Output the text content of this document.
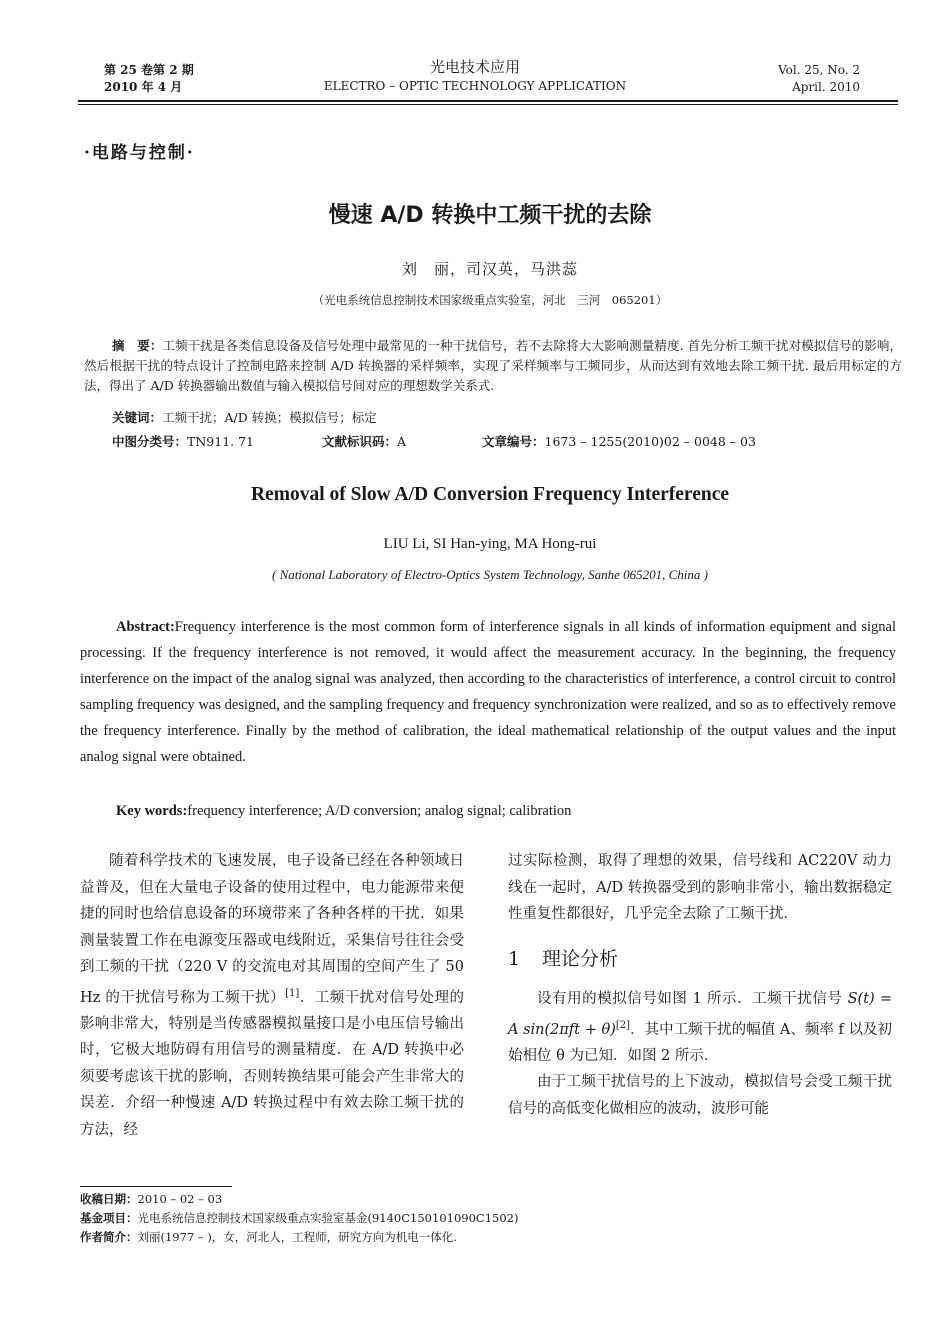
第 25 卷第 2 期
2010 年 4 月
光电技术应用
ELECTRO – OPTIC TECHNOLOGY APPLICATION
Vol. 25, No. 2
April. 2010
·电路与控制·
慢速 A/D 转换中工频干扰的去除
刘　丽，司汉英，马洪蕊
（光电系统信息控制技术国家级重点实验室，河北　三河　065201）
摘　要：工频干扰是各类信息设备及信号处理中最常见的一种干扰信号，若不去除将大大影响测量精度. 首先分析工频干扰对模拟信号的影响，然后根据干扰的特点设计了控制电路来控制 A/D 转换器的采样频率，实现了采样频率与工频同步，从而达到有效地去除工频干扰. 最后用标定的方法，得出了 A/D 转换器输出数值与输入模拟信号间对应的理想数学关系式.
关键词：工频干扰；A/D 转换；模拟信号；标定
中图分类号：TN911. 71	文献标识码：A	文章编号：1673 – 1255(2010)02 – 0048 – 03
Removal of Slow A/D Conversion Frequency Interference
LIU Li, SI Han-ying, MA Hong-rui
( National Laboratory of Electro-Optics System Technology, Sanhe 065201, China )
Abstract:Frequency interference is the most common form of interference signals in all kinds of information equipment and signal processing. If the frequency interference is not removed, it would affect the measurement accuracy. In the beginning, the frequency interference on the impact of the analog signal was analyzed, then according to the characteristics of interference, a control circuit to control sampling frequency was designed, and the sampling frequency and frequency synchronization were realized, and so as to effectively remove the frequency interference. Finally by the method of calibration, the ideal mathematical relationship of the output values and the input analog signal were obtained.
Key words:frequency interference; A/D conversion; analog signal; calibration

随着科学技术的飞速发展，电子设备已经在各种领域日益普及，但在大量电子设备的使用过程中，电力能源带来便捷的同时也给信息设备的环境带来了各种各样的干扰．如果测量装置工作在电源变压器或电线附近，采集信号往往会受到工频的干扰（220 V 的交流电对其周围的空间产生了 50 Hz 的干扰信号称为工频干扰）[1]．工频干扰对信号处理的影响非常大，特别是当传感器模拟量接口是小电压信号输出时，它极大地防碍有用信号的测量精度．在 A/D 转换中必须要考虑该干扰的影响，否则转换结果可能会产生非常大的误差．介绍一种慢速 A/D 转换过程中有效去除工频干扰的方法，经

过实际检测，取得了理想的效果，信号线和 AC220V 动力线在一起时，A/D 转换器受到的影响非常小，输出数据稳定性重复性都很好，几乎完全去除了工频干扰．

1 理论分析

设有用的模拟信号如图 1 所示．工频干扰信号 S(t) = A sin(2πft + θ)[2]．其中工频干扰的幅值 A、频率 f 以及初始相位 θ 为已知．如图 2 所示．

由于工频干扰信号的上下波动，模拟信号会受工频干扰信号的高低变化做相应的波动，波形可能

收稿日期：2010 – 02 – 03
基金项目：光电系统信息控制技术国家级重点实验室基金(9140C150101090C1502)
作者简介：刘丽(1977 – )，女，河北人，工程师，研究方向为机电一体化.
